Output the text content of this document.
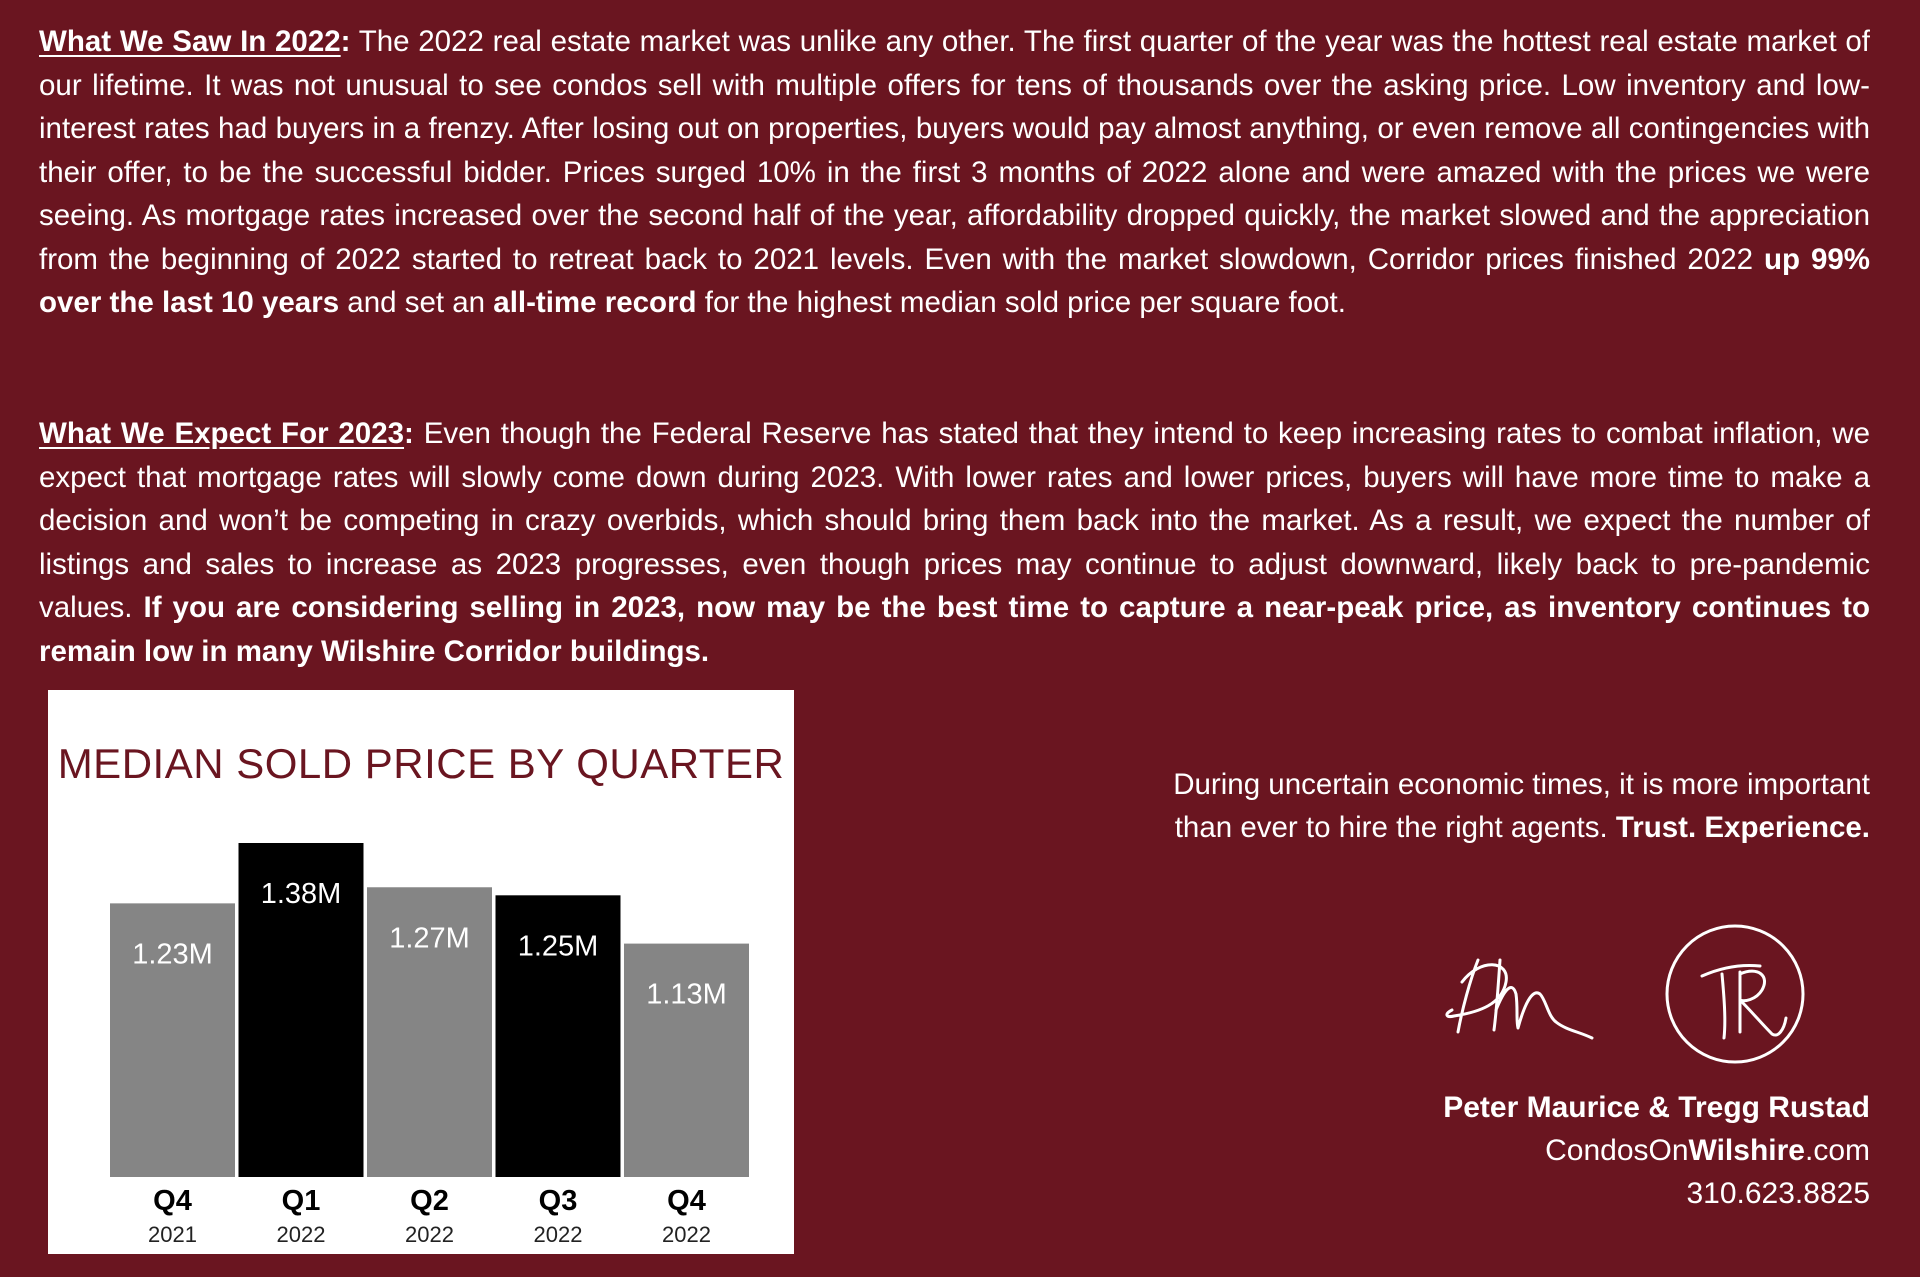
What We Saw In 2022: The 2022 real estate market was unlike any other. The first quarter of the year was the hottest real estate market of our lifetime. It was not unusual to see condos sell with multiple offers for tens of thousands over the asking price. Low inventory and low-interest rates had buyers in a frenzy. After losing out on properties, buyers would pay almost anything, or even remove all contingencies with their offer, to be the successful bidder. Prices surged 10% in the first 3 months of 2022 alone and were amazed with the prices we were seeing. As mortgage rates increased over the second half of the year, affordability dropped quickly, the market slowed and the appreciation from the beginning of 2022 started to retreat back to 2021 levels. Even with the market slowdown, Corridor prices finished 2022 up 99% over the last 10 years and set an all-time record for the highest median sold price per square foot.

What We Expect For 2023: Even though the Federal Reserve has stated that they intend to keep increasing rates to combat inflation, we expect that mortgage rates will slowly come down during 2023. With lower rates and lower prices, buyers will have more time to make a decision and won’t be competing in crazy overbids, which should bring them back into the market. As a result, we expect the number of listings and sales to increase as 2023 progresses, even though prices may continue to adjust downward, likely back to pre-pandemic values. If you are considering selling in 2023, now may be the best time to capture a near-peak price, as inventory continues to remain low in many Wilshire Corridor buildings.

MEDIAN SOLD PRICE BY QUARTER
1.23M
Q4
2021
1.38M
Q1
2022
1.27M
Q2
2022
1.25M
Q3
2022
1.13M
Q4
2022

During uncertain economic times, it is more important than ever to hire the right agents. Trust. Experience.

Peter Maurice & Tregg Rustad
CondosOnWilshire.com
310.623.8825
